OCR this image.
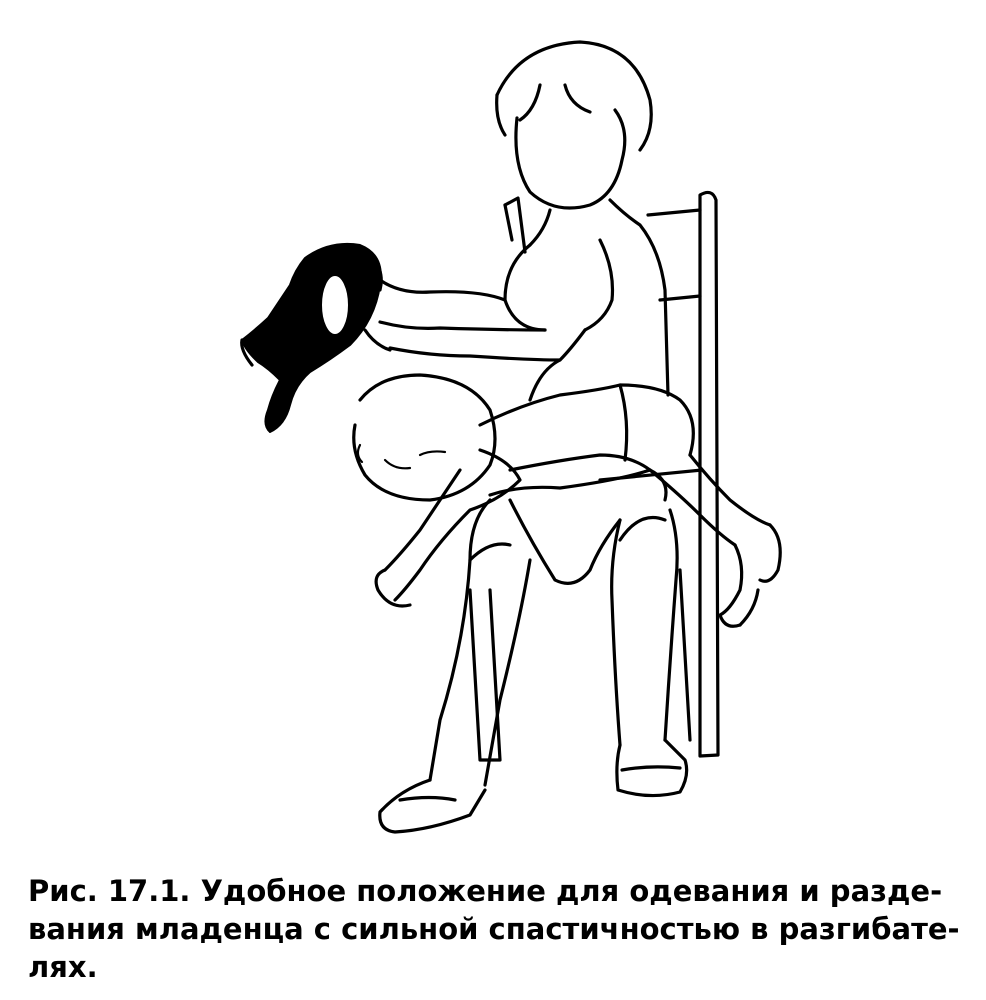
Рис. 17.1. Удобное положение для одевания и разде-
вания младенца с сильной спастичностью в разгибате-
лях.
